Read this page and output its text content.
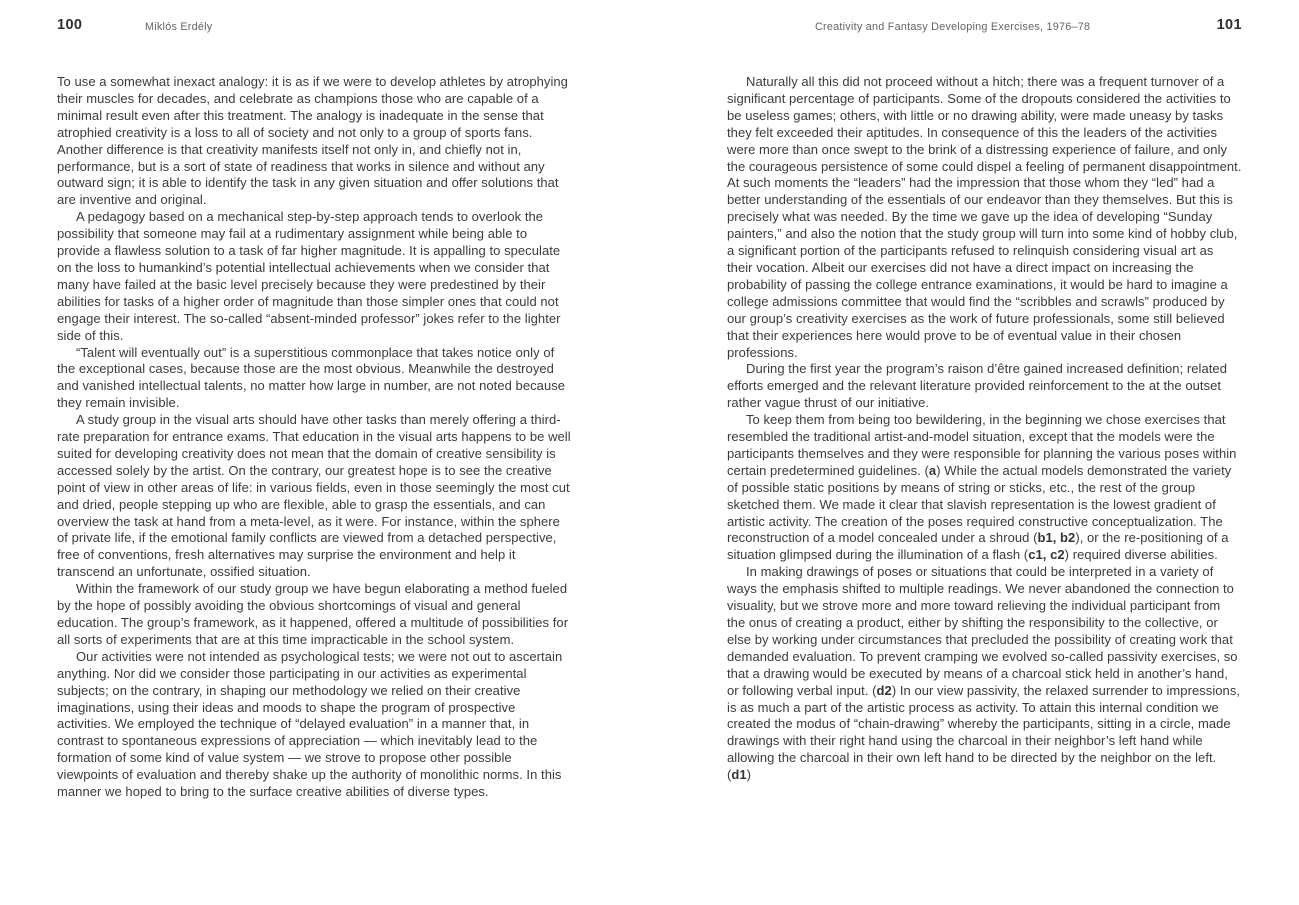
100	Miklós Erdély

To use a somewhat inexact analogy: it is as if we were to develop athletes by atrophying their muscles for decades, and celebrate as champions those who are capable of a minimal result even after this treatment. The analogy is inadequate in the sense that atrophied creativity is a loss to all of society and not only to a group of sports fans. Another difference is that creativity manifests itself not only in, and chiefly not in, performance, but is a sort of state of readiness that works in silence and without any outward sign; it is able to identify the task in any given situation and offer solutions that are inventive and original.

A pedagogy based on a mechanical step-by-step approach tends to overlook the possibility that someone may fail at a rudimentary assignment while being able to provide a flawless solution to a task of far higher magnitude. It is appalling to speculate on the loss to humankind’s potential intellectual achievements when we consider that many have failed at the basic level precisely because they were predestined by their abilities for tasks of a higher order of magnitude than those simpler ones that could not engage their interest. The so-called “absent-minded professor” jokes refer to the lighter side of this.

“Talent will eventually out” is a superstitious commonplace that takes notice only of the exceptional cases, because those are the most obvious. Meanwhile the destroyed and vanished intellectual talents, no matter how large in number, are not noted because they remain invisible.

A study group in the visual arts should have other tasks than merely offering a third-rate preparation for entrance exams. That education in the visual arts happens to be well suited for developing creativity does not mean that the domain of creative sensibility is accessed solely by the artist. On the contrary, our greatest hope is to see the creative point of view in other areas of life: in various fields, even in those seemingly the most cut and dried, people stepping up who are flexible, able to grasp the essentials, and can overview the task at hand from a meta-level, as it were. For instance, within the sphere of private life, if the emotional family conflicts are viewed from a detached perspective, free of conventions, fresh alternatives may surprise the environment and help it transcend an unfortunate, ossified situation.

Within the framework of our study group we have begun elaborating a method fueled by the hope of possibly avoiding the obvious shortcomings of visual and general education. The group’s framework, as it happened, offered a multitude of possibilities for all sorts of experiments that are at this time impracticable in the school system.

Our activities were not intended as psychological tests; we were not out to ascertain anything. Nor did we consider those participating in our activities as experimental subjects; on the contrary, in shaping our methodology we relied on their creative imaginations, using their ideas and moods to shape the program of prospective activities. We employed the technique of “delayed evaluation” in a manner that, in contrast to spontaneous expressions of appreciation — which inevitably lead to the formation of some kind of value system — we strove to propose other possible viewpoints of evaluation and thereby shake up the authority of monolithic norms. In this manner we hoped to bring to the surface creative abilities of diverse types.

Creativity and Fantasy Developing Exercises, 1976–78	101

Naturally all this did not proceed without a hitch; there was a frequent turnover of a significant percentage of participants. Some of the dropouts considered the activities to be useless games; others, with little or no drawing ability, were made uneasy by tasks they felt exceeded their aptitudes. In consequence of this the leaders of the activities were more than once swept to the brink of a distressing experience of failure, and only the courageous persistence of some could dispel a feeling of permanent disappointment. At such moments the “leaders” had the impression that those whom they “led” had a better understanding of the essentials of our endeavor than they themselves. But this is precisely what was needed. By the time we gave up the idea of developing “Sunday painters,” and also the notion that the study group will turn into some kind of hobby club, a significant portion of the participants refused to relinquish considering visual art as their vocation. Albeit our exercises did not have a direct impact on increasing the probability of passing the college entrance examinations, it would be hard to imagine a college admissions committee that would find the “scribbles and scrawls” produced by our group’s creativity exercises as the work of future professionals, some still believed that their experiences here would prove to be of eventual value in their chosen professions.

During the first year the program’s raison d’être gained increased definition; related efforts emerged and the relevant literature provided reinforcement to the at the outset rather vague thrust of our initiative.

To keep them from being too bewildering, in the beginning we chose exercises that resembled the traditional artist-and-model situation, except that the models were the participants themselves and they were responsible for planning the various poses within certain predetermined guidelines. (a) While the actual models demonstrated the variety of possible static positions by means of string or sticks, etc., the rest of the group sketched them. We made it clear that slavish representation is the lowest gradient of artistic activity. The creation of the poses required constructive conceptualization. The reconstruction of a model concealed under a shroud (b1, b2), or the re-positioning of a situation glimpsed during the illumination of a flash (c1, c2) required diverse abilities.

In making drawings of poses or situations that could be interpreted in a variety of ways the emphasis shifted to multiple readings. We never abandoned the connection to visuality, but we strove more and more toward relieving the individual participant from the onus of creating a product, either by shifting the responsibility to the collective, or else by working under circumstances that precluded the possibility of creating work that demanded evaluation. To prevent cramping we evolved so-called passivity exercises, so that a drawing would be executed by means of a charcoal stick held in another’s hand, or following verbal input. (d2) In our view passivity, the relaxed surrender to impressions, is as much a part of the artistic process as activity. To attain this internal condition we created the modus of “chain-drawing” whereby the participants, sitting in a circle, made drawings with their right hand using the charcoal in their neighbor’s left hand while allowing the charcoal in their own left hand to be directed by the neighbor on the left. (d1)
